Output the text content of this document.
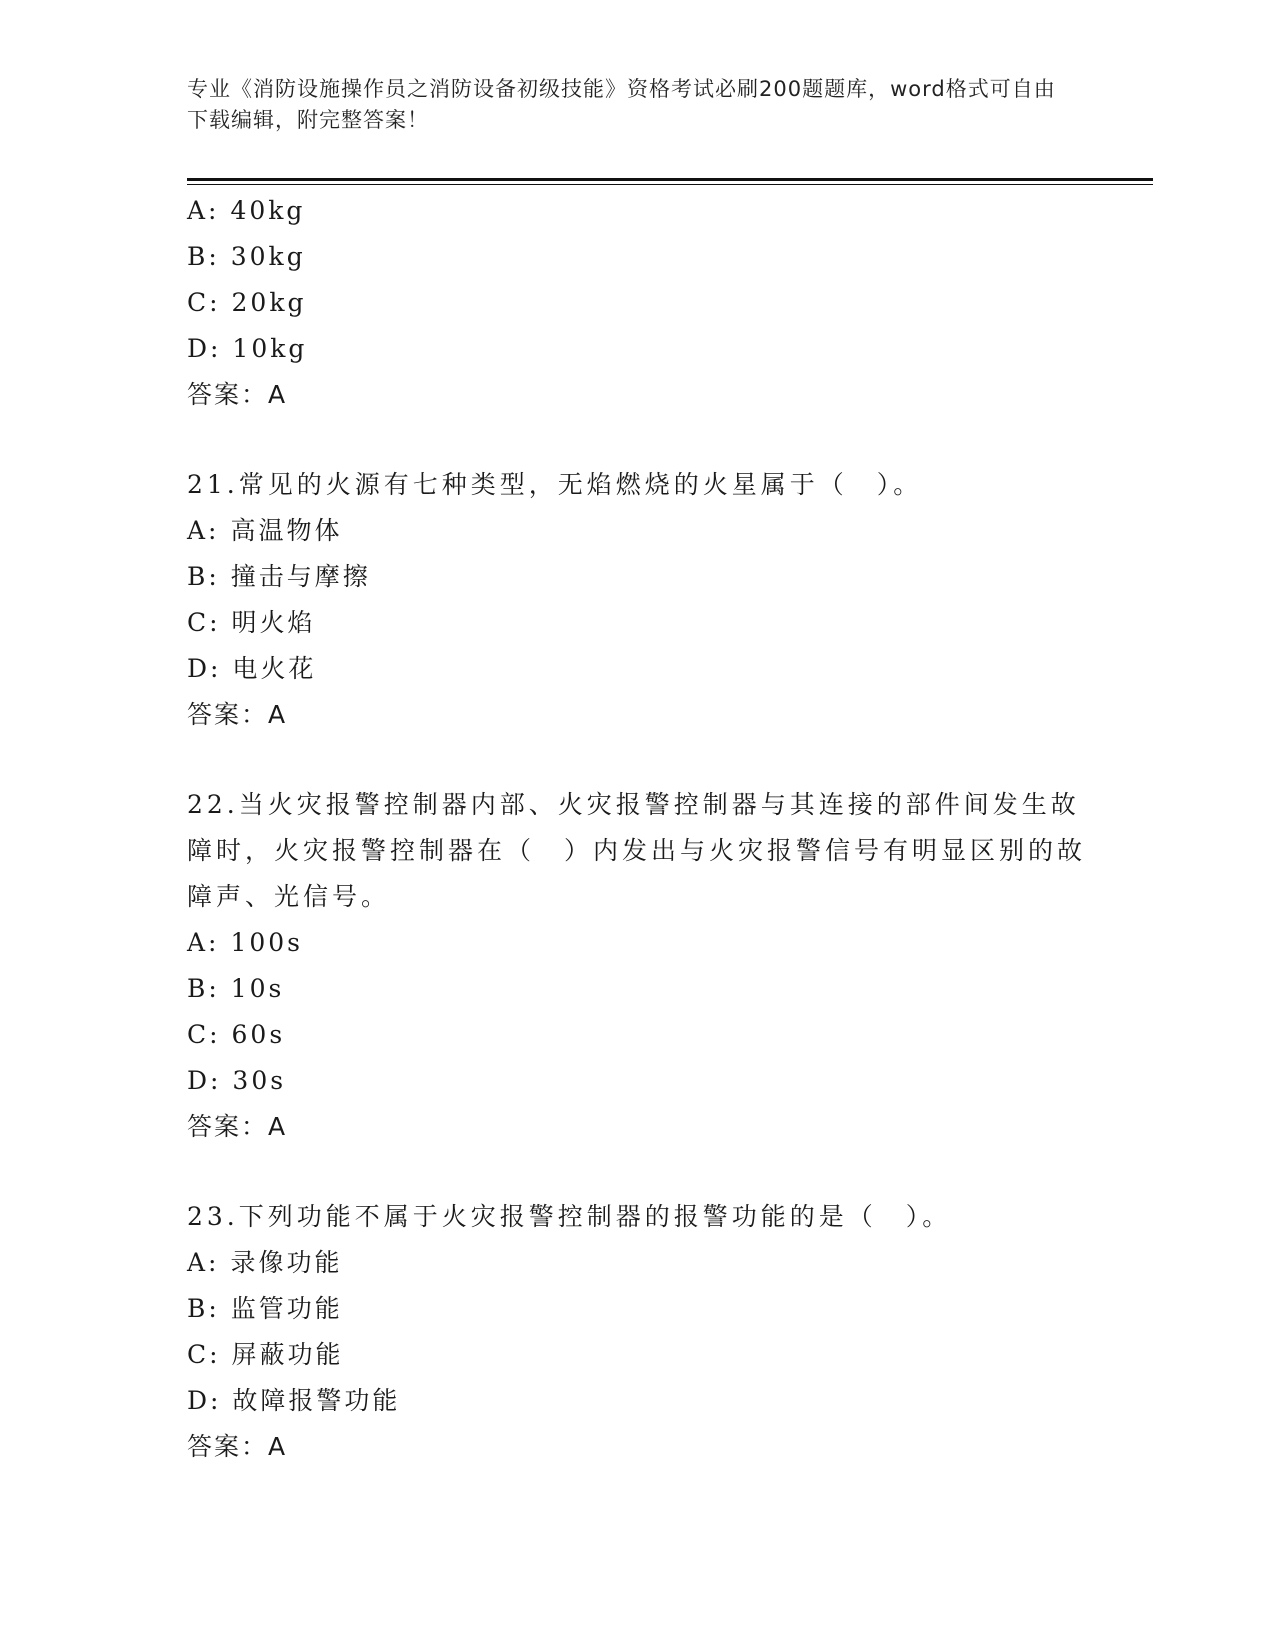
专业《消防设施操作员之消防设备初级技能》资格考试必刷200题题库，word格式可自由下载编辑，附完整答案！
A: 40kg
B: 30kg
C: 20kg
D: 10kg
答案：A
21.常见的火源有七种类型，无焰燃烧的火星属于（　）。
A: 高温物体
B: 撞击与摩擦
C: 明火焰
D: 电火花
答案：A
22.当火灾报警控制器内部、火灾报警控制器与其连接的部件间发生故障时，火灾报警控制器在（　）内发出与火灾报警信号有明显区别的故障声、光信号。
A: 100s
B: 10s
C: 60s
D: 30s
答案：A
23.下列功能不属于火灾报警控制器的报警功能的是（　）。
A: 录像功能
B: 监管功能
C: 屏蔽功能
D: 故障报警功能
答案：A
